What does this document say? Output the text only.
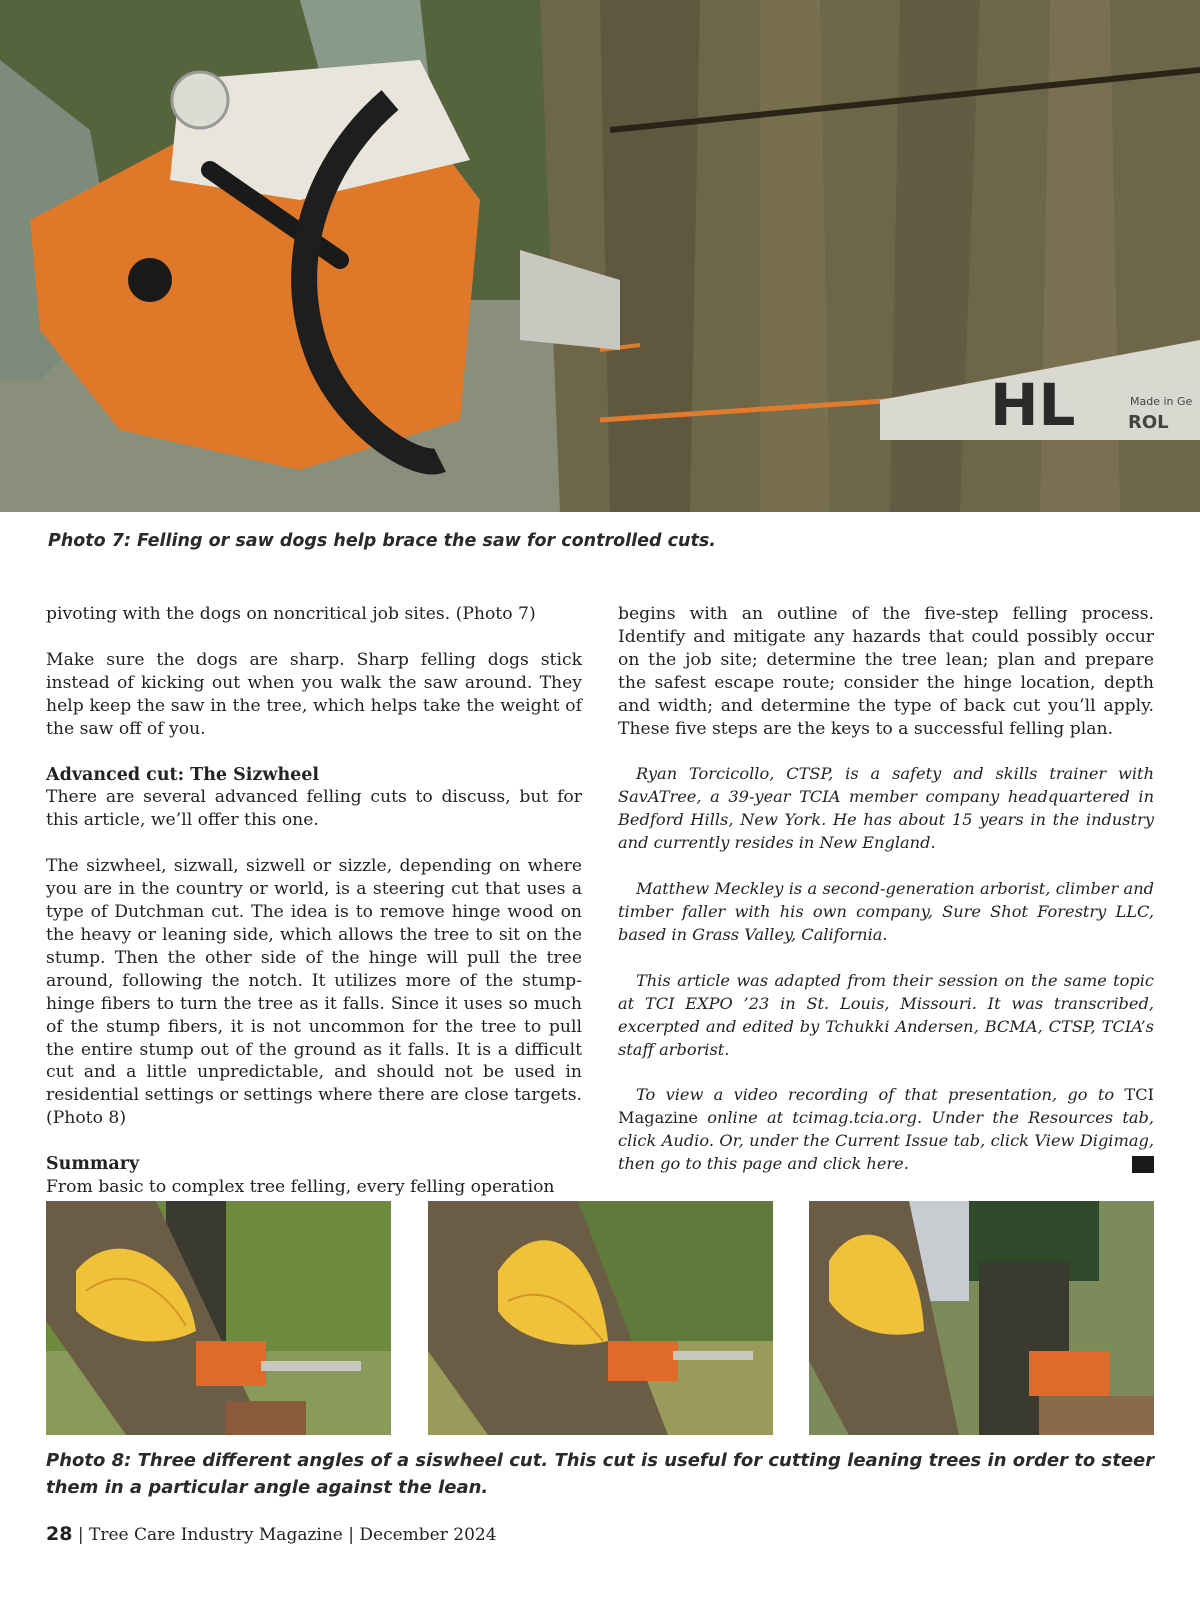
HL	Made in Ge
ROL
Photo 7: Felling or saw dogs help brace the saw for controlled cuts.

pivoting with the dogs on noncritical job sites. (Photo 7)

Make sure the dogs are sharp. Sharp felling dogs stick instead of kicking out when you walk the saw around. They help keep the saw in the tree, which helps take the weight of the saw off of you.

Advanced cut: The Sizwheel

There are several advanced felling cuts to discuss, but for this article, we’ll offer this one.

The sizwheel, sizwall, sizwell or sizzle, depending on where you are in the country or world, is a steering cut that uses a type of Dutchman cut. The idea is to remove hinge wood on the heavy or leaning side, which allows the tree to sit on the stump. Then the other side of the hinge will pull the tree around, following the notch. It utilizes more of the stump-hinge fibers to turn the tree as it falls. Since it uses so much of the stump fibers, it is not uncommon for the tree to pull the entire stump out of the ground as it falls. It is a difficult cut and a little unpredictable, and should not be used in residential settings or settings where there are close targets. (Photo 8)

Summary

From basic to complex tree felling, every felling operation

begins with an outline of the five-step felling process. Identify and mitigate any hazards that could possibly occur on the job site; determine the tree lean; plan and prepare the safest escape route; consider the hinge location, depth and width; and determine the type of back cut you’ll apply. These five steps are the keys to a successful felling plan.

Ryan Torcicollo, CTSP, is a safety and skills trainer with SavATree, a 39-year TCIA member company headquartered in Bedford Hills, New York. He has about 15 years in the industry and currently resides in New England.

Matthew Meckley is a second-generation arborist, climber and timber faller with his own company, Sure Shot Forestry LLC, based in Grass Valley, California.

This article was adapted from their session on the same topic at TCI EXPO ’23 in St. Louis, Missouri. It was transcribed, excerpted and edited by Tchukki Andersen, BCMA, CTSP, TCIA’s staff arborist.

To view a video recording of that presentation, go to TCI Magazine online at tcimag.tcia.org. Under the Resources tab, click Audio. Or, under the Current Issue tab, click View Digimag, then go to this page and click here.

Photo 8: Three different angles of a siswheel cut. This cut is useful for cutting leaning trees in order to steer them in a particular angle against the lean.
28 | Tree Care Industry Magazine | December 2024
